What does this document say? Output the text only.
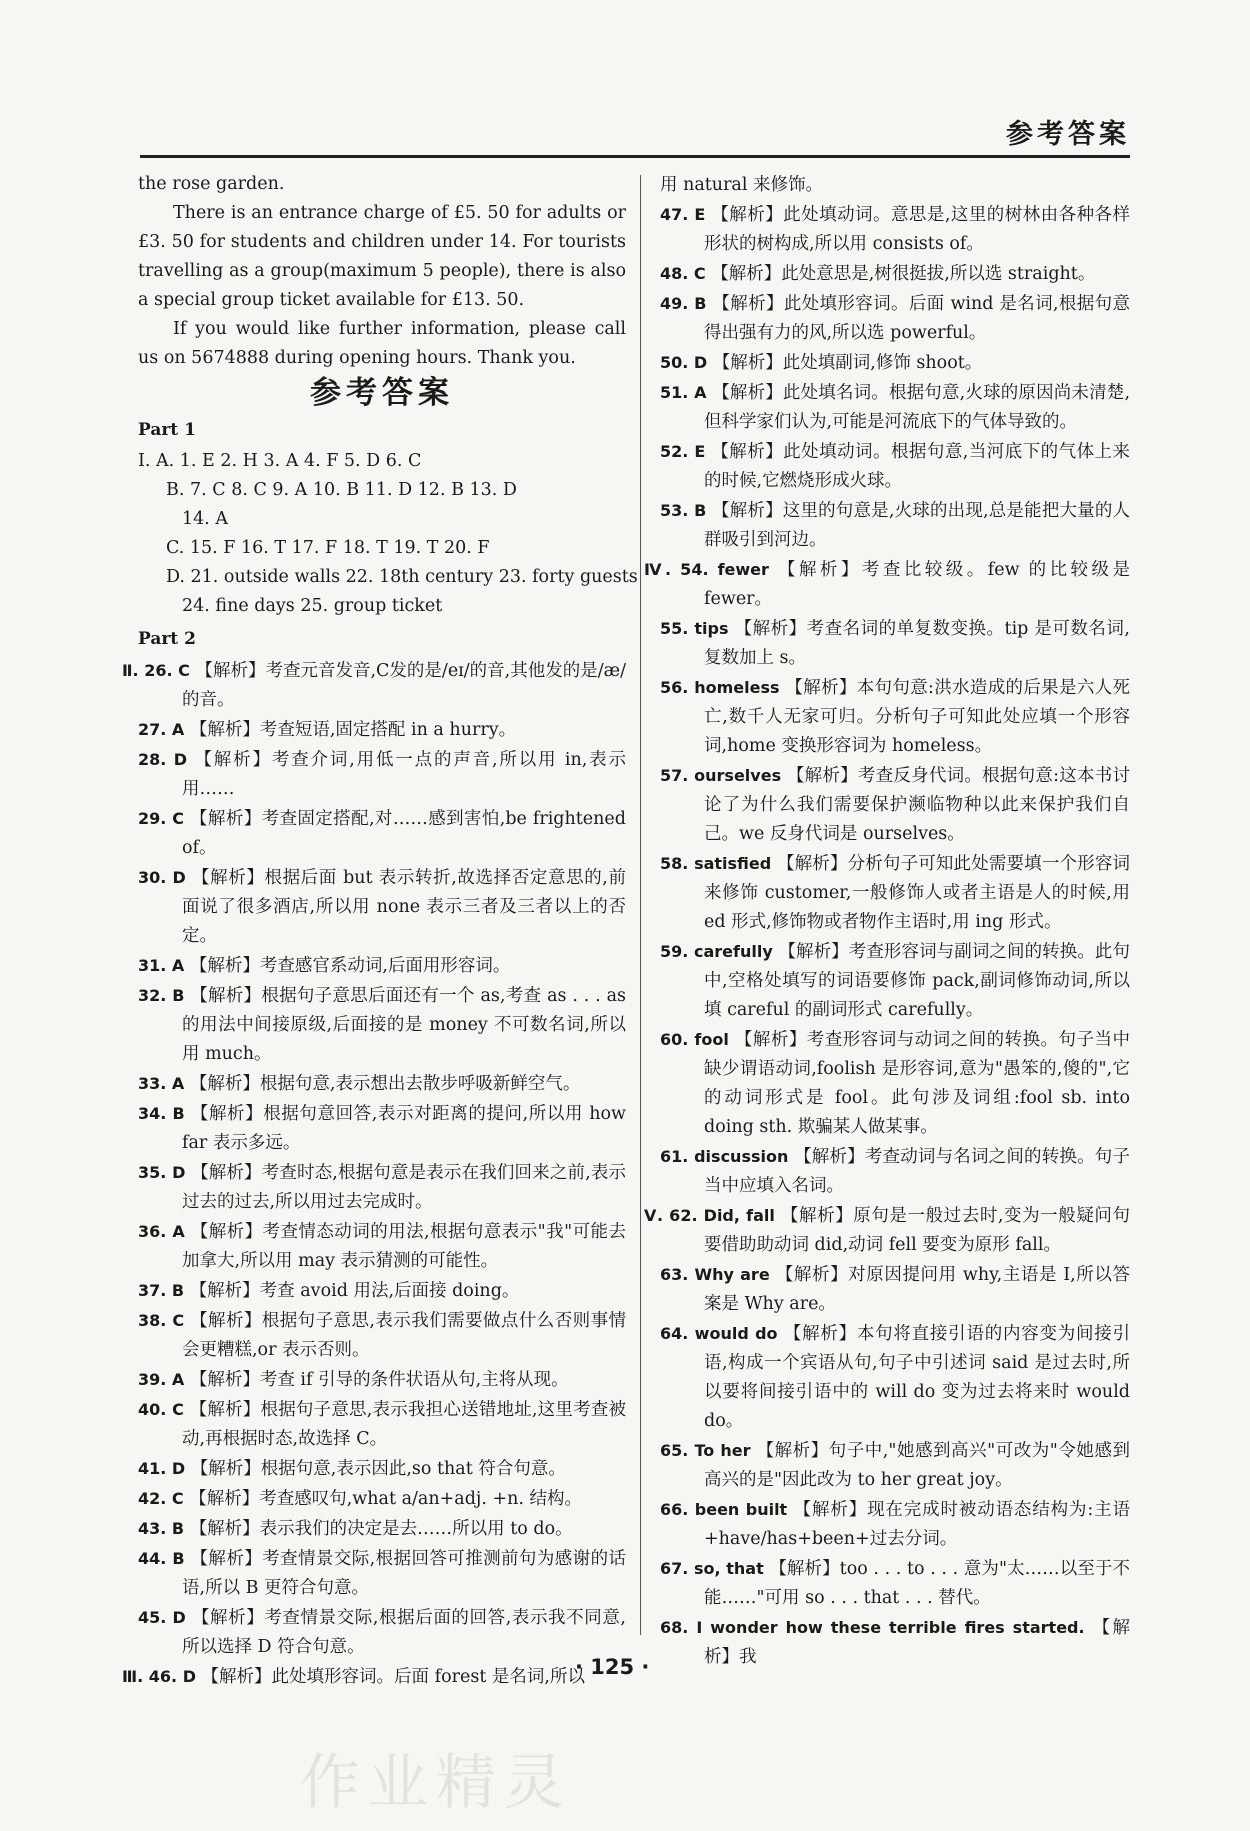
参考答案

the rose garden.

There is an entrance charge of £5. 50 for adults or £3. 50 for students and children under 14. For tourists travelling as a group(maximum 5 people), there is also a special group ticket available for £13. 50.

If you would like further information, please call us on 5674888 during opening hours. Thank you.

参考答案
Part 1

Ⅰ. A. 1. E 2. H 3. A 4. F 5. D 6. C

B. 7. C 8. C 9. A 10. B 11. D 12. B 13. D

14. A

C. 15. F 16. T 17. F 18. T 19. T 20. F

D. 21. outside walls 22. 18th century 23. forty guests

24. fine days 25. group ticket

Part 2

Ⅱ. 26. C 【解析】考查元音发音,C发的是/eɪ/的音,其他发的是/æ/的音。

27. A 【解析】考查短语,固定搭配 in a hurry。

28. D 【解析】考查介词,用低一点的声音,所以用 in,表示用……

29. C 【解析】考查固定搭配,对……感到害怕,be frightened of。

30. D 【解析】根据后面 but 表示转折,故选择否定意思的,前面说了很多酒店,所以用 none 表示三者及三者以上的否定。

31. A 【解析】考查感官系动词,后面用形容词。

32. B 【解析】根据句子意思后面还有一个 as,考查 as . . . as 的用法中间接原级,后面接的是 money 不可数名词,所以用 much。

33. A 【解析】根据句意,表示想出去散步呼吸新鲜空气。

34. B 【解析】根据句意回答,表示对距离的提问,所以用 how far 表示多远。

35. D 【解析】考查时态,根据句意是表示在我们回来之前,表示过去的过去,所以用过去完成时。

36. A 【解析】考查情态动词的用法,根据句意表示"我"可能去加拿大,所以用 may 表示猜测的可能性。

37. B 【解析】考查 avoid 用法,后面接 doing。

38. C 【解析】根据句子意思,表示我们需要做点什么否则事情会更糟糕,or 表示否则。

39. A 【解析】考查 if 引导的条件状语从句,主将从现。

40. C 【解析】根据句子意思,表示我担心送错地址,这里考查被动,再根据时态,故选择 C。

41. D 【解析】根据句意,表示因此,so that 符合句意。

42. C 【解析】考查感叹句,what a/an+adj. +n. 结构。

43. B 【解析】表示我们的决定是去……所以用 to do。

44. B 【解析】考查情景交际,根据回答可推测前句为感谢的话语,所以 B 更符合句意。

45. D 【解析】考查情景交际,根据后面的回答,表示我不同意,所以选择 D 符合句意。

Ⅲ. 46. D 【解析】此处填形容词。后面 forest 是名词,所以

用 natural 来修饰。

47. E 【解析】此处填动词。意思是,这里的树林由各种各样形状的树构成,所以用 consists of。

48. C 【解析】此处意思是,树很挺拔,所以选 straight。

49. B 【解析】此处填形容词。后面 wind 是名词,根据句意得出强有力的风,所以选 powerful。

50. D 【解析】此处填副词,修饰 shoot。

51. A 【解析】此处填名词。根据句意,火球的原因尚未清楚,但科学家们认为,可能是河流底下的气体导致的。

52. E 【解析】此处填动词。根据句意,当河底下的气体上来的时候,它燃烧形成火球。

53. B 【解析】这里的句意是,火球的出现,总是能把大量的人群吸引到河边。

Ⅳ. 54. fewer 【解析】考查比较级。few 的比较级是 fewer。

55. tips 【解析】考查名词的单复数变换。tip 是可数名词,复数加上 s。

56. homeless 【解析】本句句意:洪水造成的后果是六人死亡,数千人无家可归。分析句子可知此处应填一个形容词,home 变换形容词为 homeless。

57. ourselves 【解析】考查反身代词。根据句意:这本书讨论了为什么我们需要保护濒临物种以此来保护我们自己。we 反身代词是 ourselves。

58. satisfied 【解析】分析句子可知此处需要填一个形容词来修饰 customer,一般修饰人或者主语是人的时候,用 ed 形式,修饰物或者物作主语时,用 ing 形式。

59. carefully 【解析】考查形容词与副词之间的转换。此句中,空格处填写的词语要修饰 pack,副词修饰动词,所以填 careful 的副词形式 carefully。

60. fool 【解析】考查形容词与动词之间的转换。句子当中缺少谓语动词,foolish 是形容词,意为"愚笨的,傻的",它的动词形式是 fool。此句涉及词组:fool sb. into doing sth. 欺骗某人做某事。

61. discussion 【解析】考查动词与名词之间的转换。句子当中应填入名词。

Ⅴ. 62. Did, fall 【解析】原句是一般过去时,变为一般疑问句要借助助动词 did,动词 fell 要变为原形 fall。

63. Why are 【解析】对原因提问用 why,主语是 I,所以答案是 Why are。

64. would do 【解析】本句将直接引语的内容变为间接引语,构成一个宾语从句,句子中引述词 said 是过去时,所以要将间接引语中的 will do 变为过去将来时 would do。

65. To her 【解析】句子中,"她感到高兴"可改为"令她感到高兴的是"因此改为 to her great joy。

66. been built 【解析】现在完成时被动语态结构为:主语+have/has+been+过去分词。

67. so, that 【解析】too . . . to . . . 意为"太……以至于不能……"可用 so . . . that . . . 替代。

68. I wonder how these terrible fires started. 【解析】我

· 125 ·
作业精灵
